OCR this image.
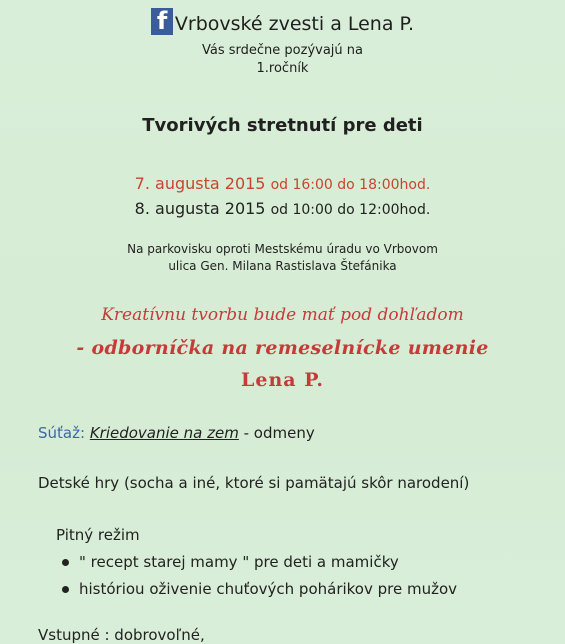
f
Vrbovské zvesti a Lena P.
Vás srdečne pozývajú na
1.ročník
Tvorivých stretnutí pre deti
7. augusta 2015 od 16:00 do 18:00hod.
8. augusta 2015 od 10:00 do 12:00hod.
Na parkovisku oproti Mestskému úradu vo Vrbovom
ulica Gen. Milana Rastislava Štefánika
Kreatívnu tvorbu bude mať pod dohľadom
- odborníčka na remeselnícke umenie
Lena P.
Súťaž: Kriedovanie na zem - odmeny
Detské hry (socha a iné, ktoré si pamätajú skôr narodení)
Pitný režim
" recept starej mamy " pre deti a mamičky
históriou oživenie chuťových pohárikov pre mužov
Vstupné : dobrovoľné,
